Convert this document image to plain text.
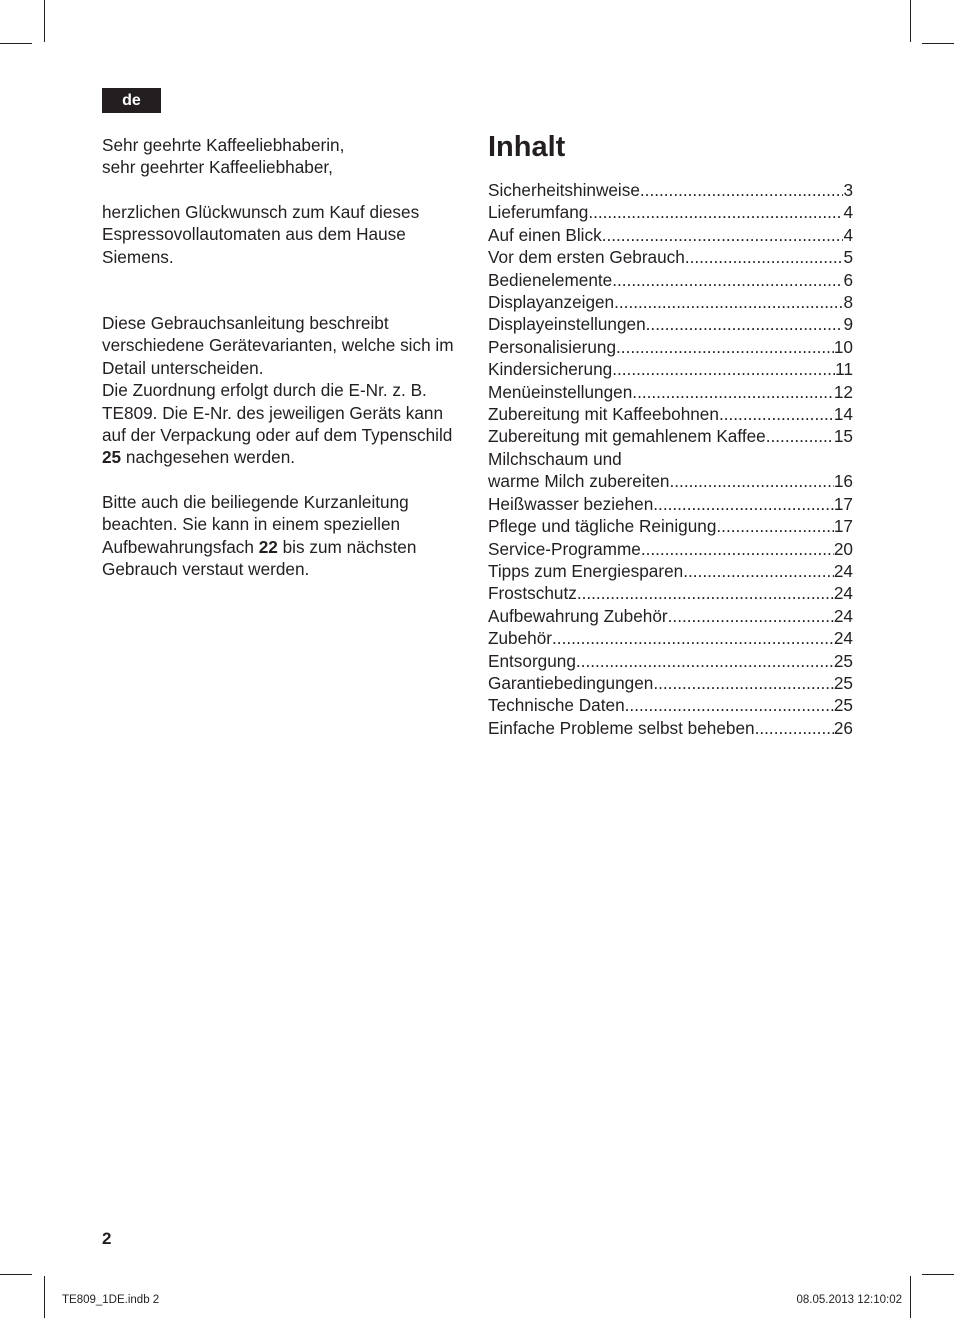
de

Sehr geehrte Kaffeeliebhaberin,

sehr geehrter Kaffeeliebhaber,

herzlichen Glückwunsch zum Kauf dieses Espressovollautomaten aus dem Hause Siemens.

Diese Gebrauchsanleitung beschreibt verschiedene Gerätevarianten, welche sich im Detail unterscheiden.

Die Zuordnung erfolgt durch die E-Nr. z. B. TE809. Die E-Nr. des jeweiligen Geräts kann auf der Verpackung oder auf dem Typenschild 25 nachgesehen werden.

Bitte auch die beiliegende Kurzanleitung beachten. Sie kann in einem speziellen Aufbewahrungsfach 22 bis zum nächsten Gebrauch verstaut werden.

Inhalt
Sicherheitshinweise .....	3
Lieferumfang .....	4
Auf einen Blick .....	4
Vor dem ersten Gebrauch .....	5
Bedienelemente .....	6
Displayanzeigen .....	8
Displayeinstellungen .....	9
Personalisierung .....	10
Kindersicherung .....	11
Menüeinstellungen .....	12
Zubereitung mit Kaffeebohnen .....	14
Zubereitung mit gemahlenem Kaffee .....	15
Milchschaum und
warme Milch zubereiten .....	16
Heißwasser beziehen .....	17
Pflege und tägliche Reinigung .....	17
Service-Programme .....	20
Tipps zum Energiesparen .....	24
Frostschutz .....	24
Aufbewahrung Zubehör .....	24
Zubehör .....	24
Entsorgung .....	25
Garantiebedingungen .....	25
Technische Daten .....	25
Einfache Probleme selbst beheben .....	26
2
TE809_1DE.indb 2	08.05.2013 12:10:02
